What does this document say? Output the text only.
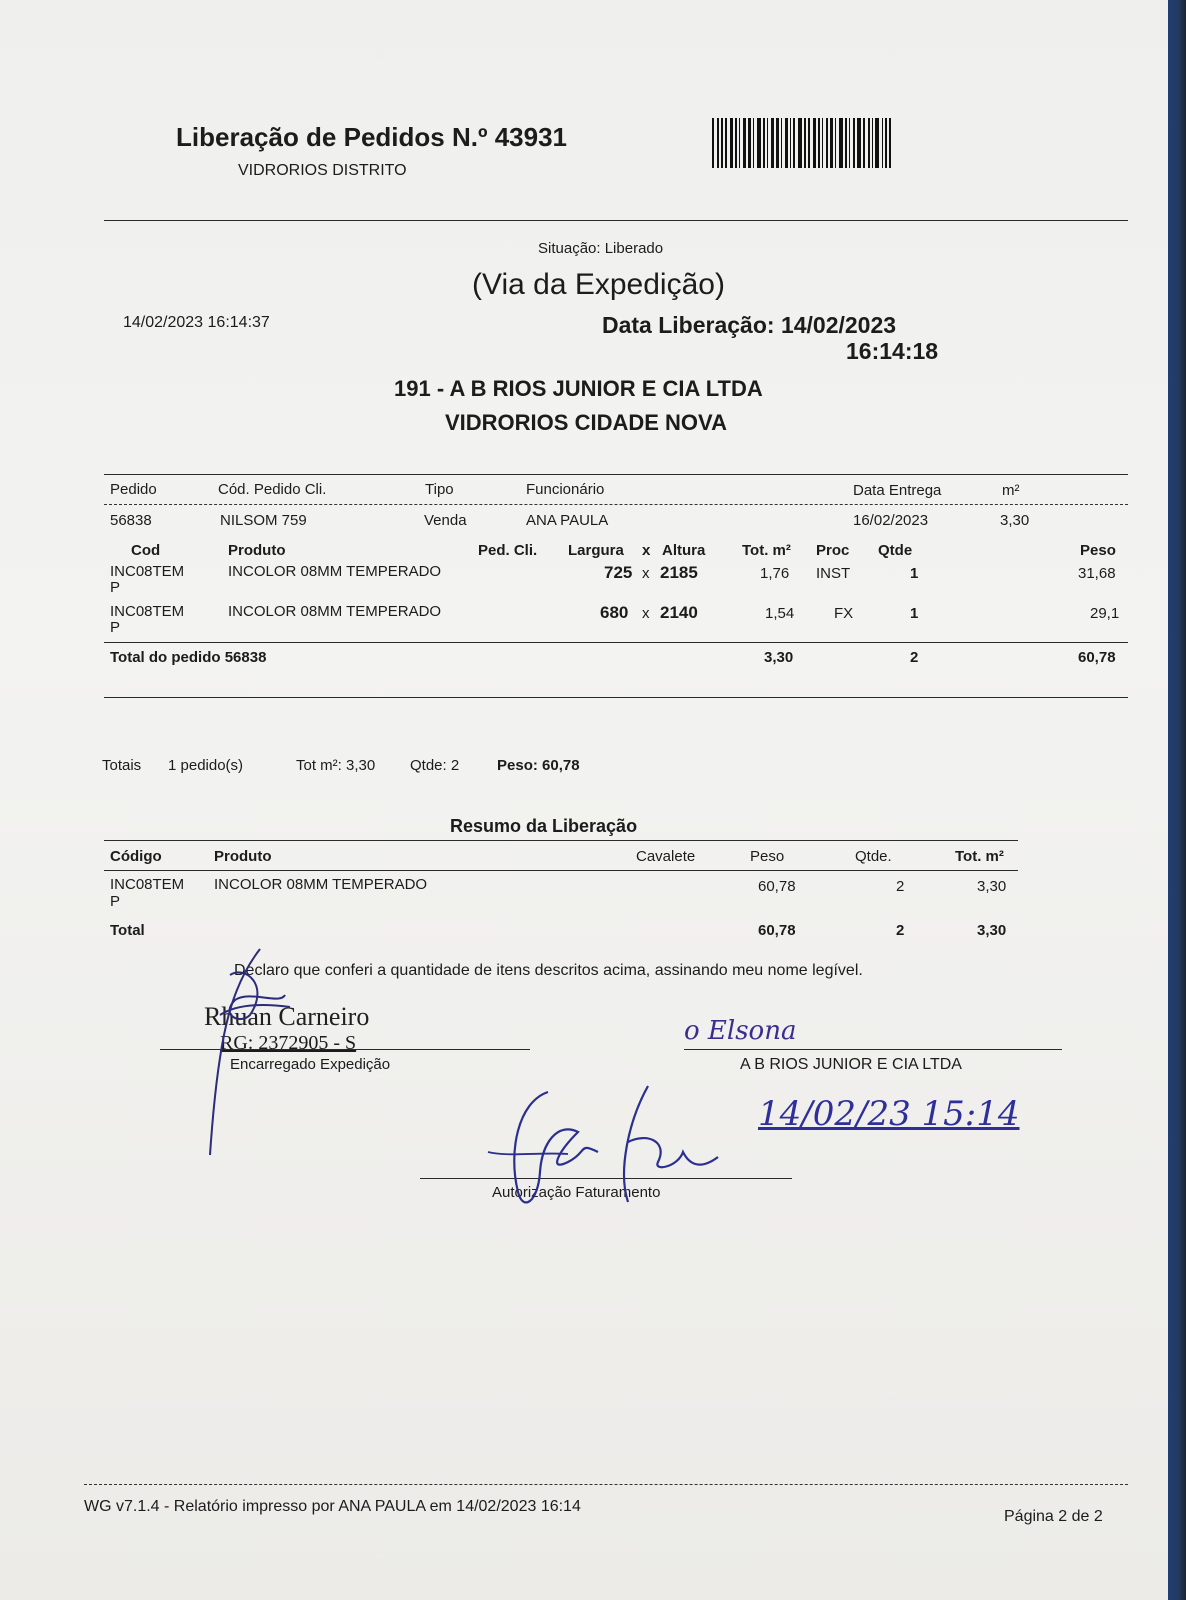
Liberação de Pedidos N.º 43931
VIDRORIOS DISTRITO
Situação: Liberado
(Via da Expedição)
14/02/2023 16:14:37	Data Liberação: 14/02/2023
16:14:18
191 - A B RIOS JUNIOR E CIA LTDA
VIDRORIOS CIDADE NOVA
Pedido	Cód. Pedido Cli.	Tipo	Funcionário	Data Entrega	m²
56838	NILSOM 759	Venda	ANA PAULA	16/02/2023	3,30
Cod	Produto	Ped. Cli. Largura x Altura Tot. m² Proc Qtde	Peso
INC08TEM
P
INCOLOR 08MM TEMPERADO	725 x 2185	1,76 INST	1	31,68
INC08TEM
P
INCOLOR 08MM TEMPERADO	680 x 2140	1,54	FX	1	29,1
Total do pedido 56838	3,30	2	60,78
Totais 1 pedido(s)	Tot m²: 3,30 Qtde: 2	Peso: 60,78
Resumo da Liberação
Código	Produto	Cavalete	Peso	Qtde.	Tot. m²
INC08TEM
P
INCOLOR 08MM TEMPERADO	60,78	2	3,30
Total	60,78	2	3,30
Declaro que conferi a quantidade de itens descritos acima, assinando meu nome legível.
Rhuan Carneiro
RG: 2372905 - S
Encarregado Expedição
o Elsona
A B RIOS JUNIOR E CIA LTDA
14/02/23 15:14
Autorização Faturamento
WG v7.1.4 - Relatório impresso por ANA PAULA em 14/02/2023 16:14
Página 2 de 2
